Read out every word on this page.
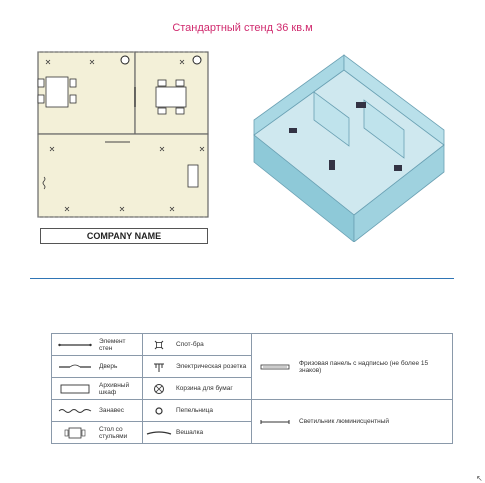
Стандартный стенд 36 кв.м
COMPANY NAME
Элемент стен	Спот-бра	Фризовая панель с надписью (не более 15 знаков)

Дверь	Электрическая розетка	

Архивный шкаф	Корзина для бумаг	

Занавес	Пепельница	Светильник люминисцентный

Стол со стульями	Вешалка	
↖
